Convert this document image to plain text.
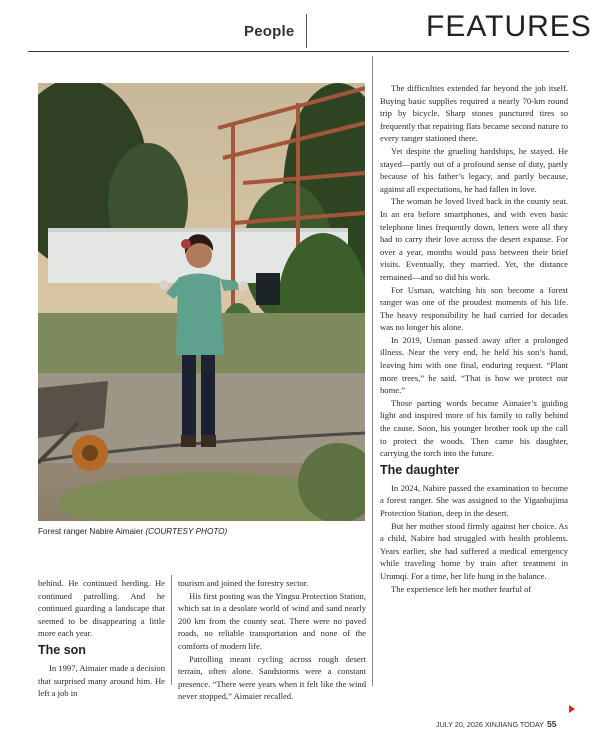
People	FEATURES
Forest ranger Nabire Aimaier (COURTESY PHOTO)

behind. He continued herding. He continued patrolling. And he continued guarding a landscape that seemed to be disappearing a little more each year.

The son

In 1997, Aimaier made a decision that surprised many around him. He left a job in

tourism and joined the forestry sector.

His first posting was the Yingsu Protection Station, which sat in a desolate world of wind and sand nearly 200 km from the county seat. There were no paved roads, no reliable transportation and none of the comforts of modern life.

Patrolling meant cycling across rough desert terrain, often alone. Sandstorms were a constant presence. “There were years when it felt like the wind never stopped,” Aimaier recalled.

The difficulties extended far beyond the job itself. Buying basic supplies required a nearly 70-km round trip by bicycle. Sharp stones punctured tires so frequently that repairing flats became second nature to every ranger stationed there.

Yet despite the grueling hardships, he stayed. He stayed—partly out of a profound sense of duty, partly because of his father’s legacy, and partly because, against all expectations, he had fallen in love.

The woman he loved lived back in the county seat. In an era before smartphones, and with even basic telephone lines frequently down, letters were all they had to carry their love across the desert expanse. For over a year, months would pass between their brief visits. Eventually, they married. Yet, the distance remained—and so did his work.

For Usman, watching his son become a forest ranger was one of the proudest moments of his life. The heavy responsibility he had carried for decades was no longer his alone.

In 2019, Usman passed away after a prolonged illness. Near the very end, he held his son’s hand, leaving him with one final, enduring request. “Plant more trees,” he said. “That is how we protect our home.”

Those parting words became Aimaier’s guiding light and inspired more of his family to rally behind the cause. Soon, his younger brother took up the call to protect the woods. Then came his daughter, carrying the torch into the future.

The daughter

In 2024, Nabire passed the examination to become a forest ranger. She was assigned to the Yiganbujima Protection Station, deep in the desert.

But her mother stood firmly against her choice. As a child, Nabire had struggled with health problems. Years earlier, she had suffered a medical emergency while traveling home by train after treatment in Urumqi. For a time, her life hung in the balance.

The experience left her mother fearful of

JULY 20, 2026 XINJIANG TODAY 55
